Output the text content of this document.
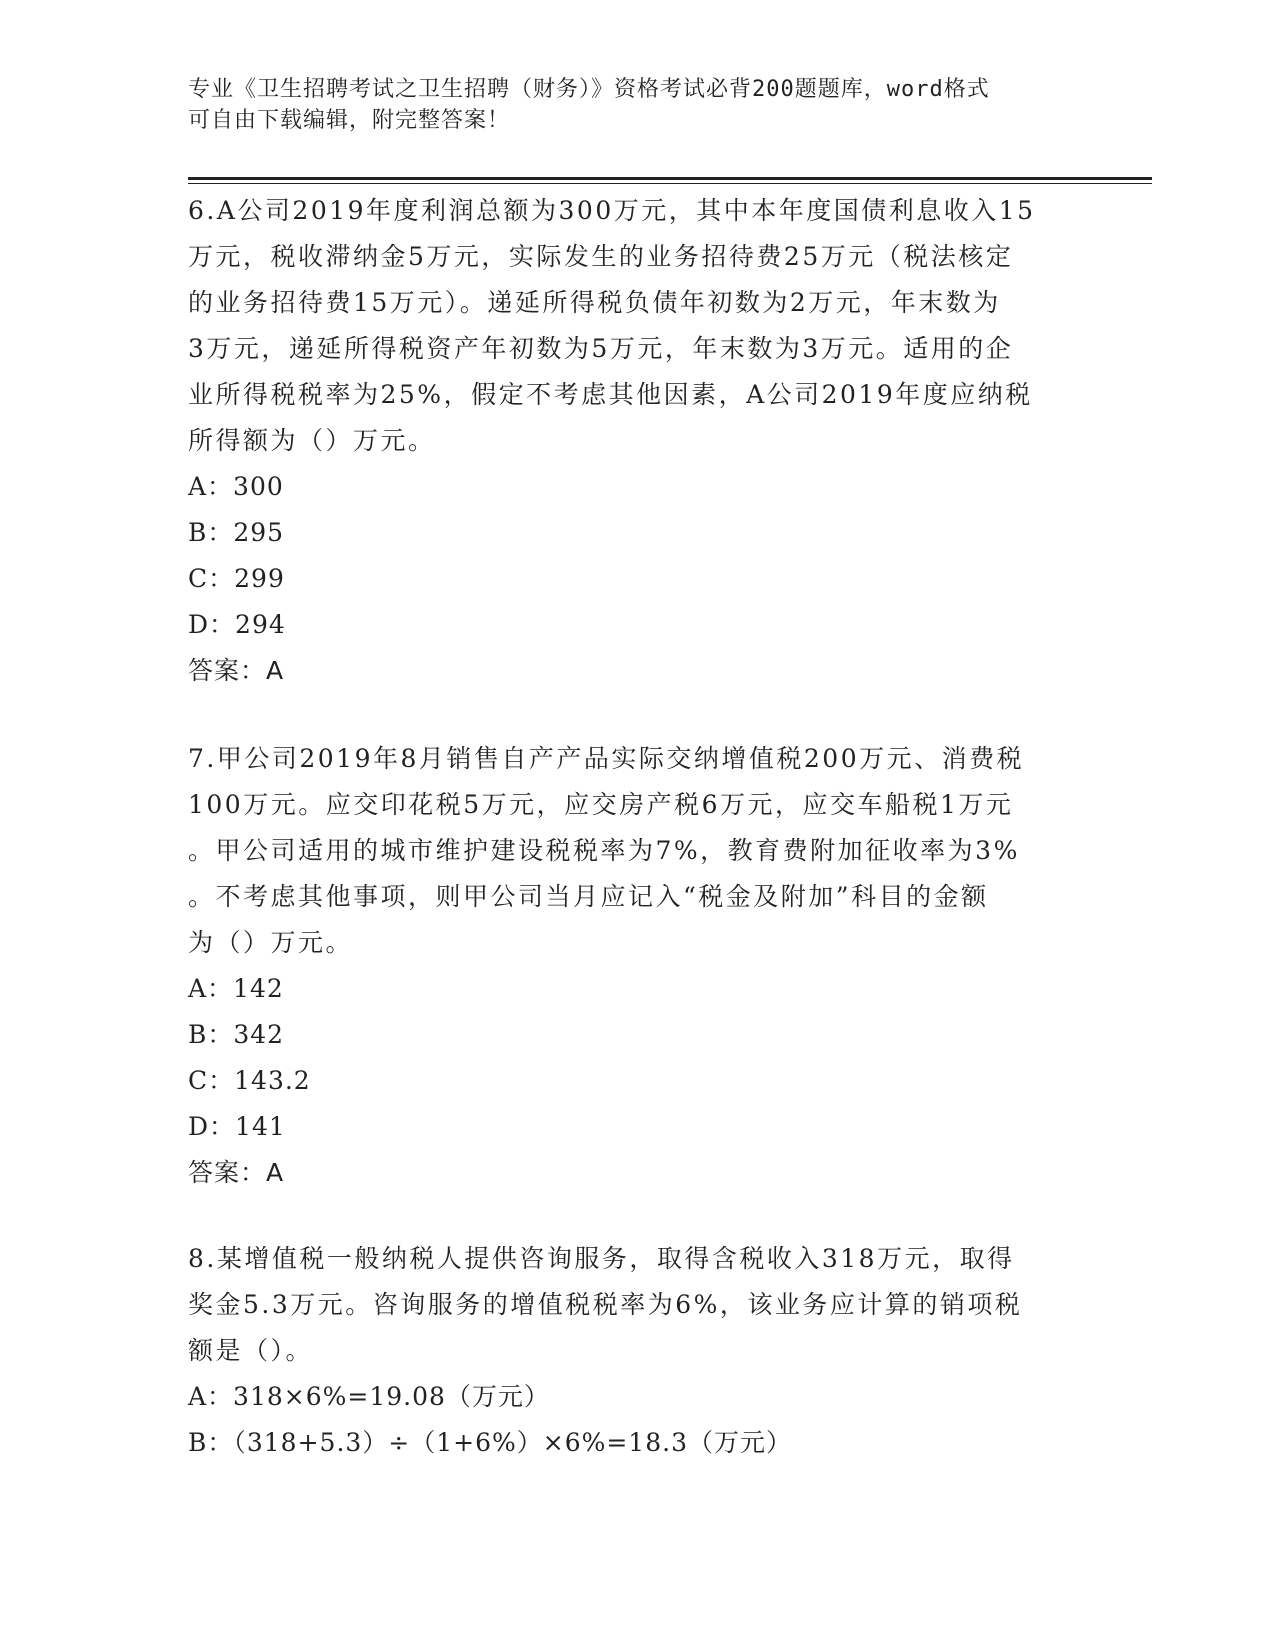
专业《卫生招聘考试之卫生招聘（财务）》资格考试必背200题题库，word格式
可自由下载编辑，附完整答案！

6.A公司2019年度利润总额为300万元，其中本年度国债利息收入15

万元，税收滞纳金5万元，实际发生的业务招待费25万元（税法核定

的业务招待费15万元）。递延所得税负债年初数为2万元，年末数为

3万元，递延所得税资产年初数为5万元，年末数为3万元。适用的企

业所得税税率为25%，假定不考虑其他因素，A公司2019年度应纳税

所得额为（）万元。

A：300

B：295

C：299

D：294

答案：A

7.甲公司2019年8月销售自产产品实际交纳增值税200万元、消费税

100万元。应交印花税5万元，应交房产税6万元，应交车船税1万元

。甲公司适用的城市维护建设税税率为7%，教育费附加征收率为3%

。不考虑其他事项，则甲公司当月应记入“税金及附加”科目的金额

为（）万元。

A：142

B：342

C：143.2

D：141

答案：A

8.某增值税一般纳税人提供咨询服务，取得含税收入318万元，取得

奖金5.3万元。咨询服务的增值税税率为6%，该业务应计算的销项税

额是（）。

A：318×6%=19.08（万元）

B：（318+5.3）÷（1+6%）×6%=18.3（万元）
